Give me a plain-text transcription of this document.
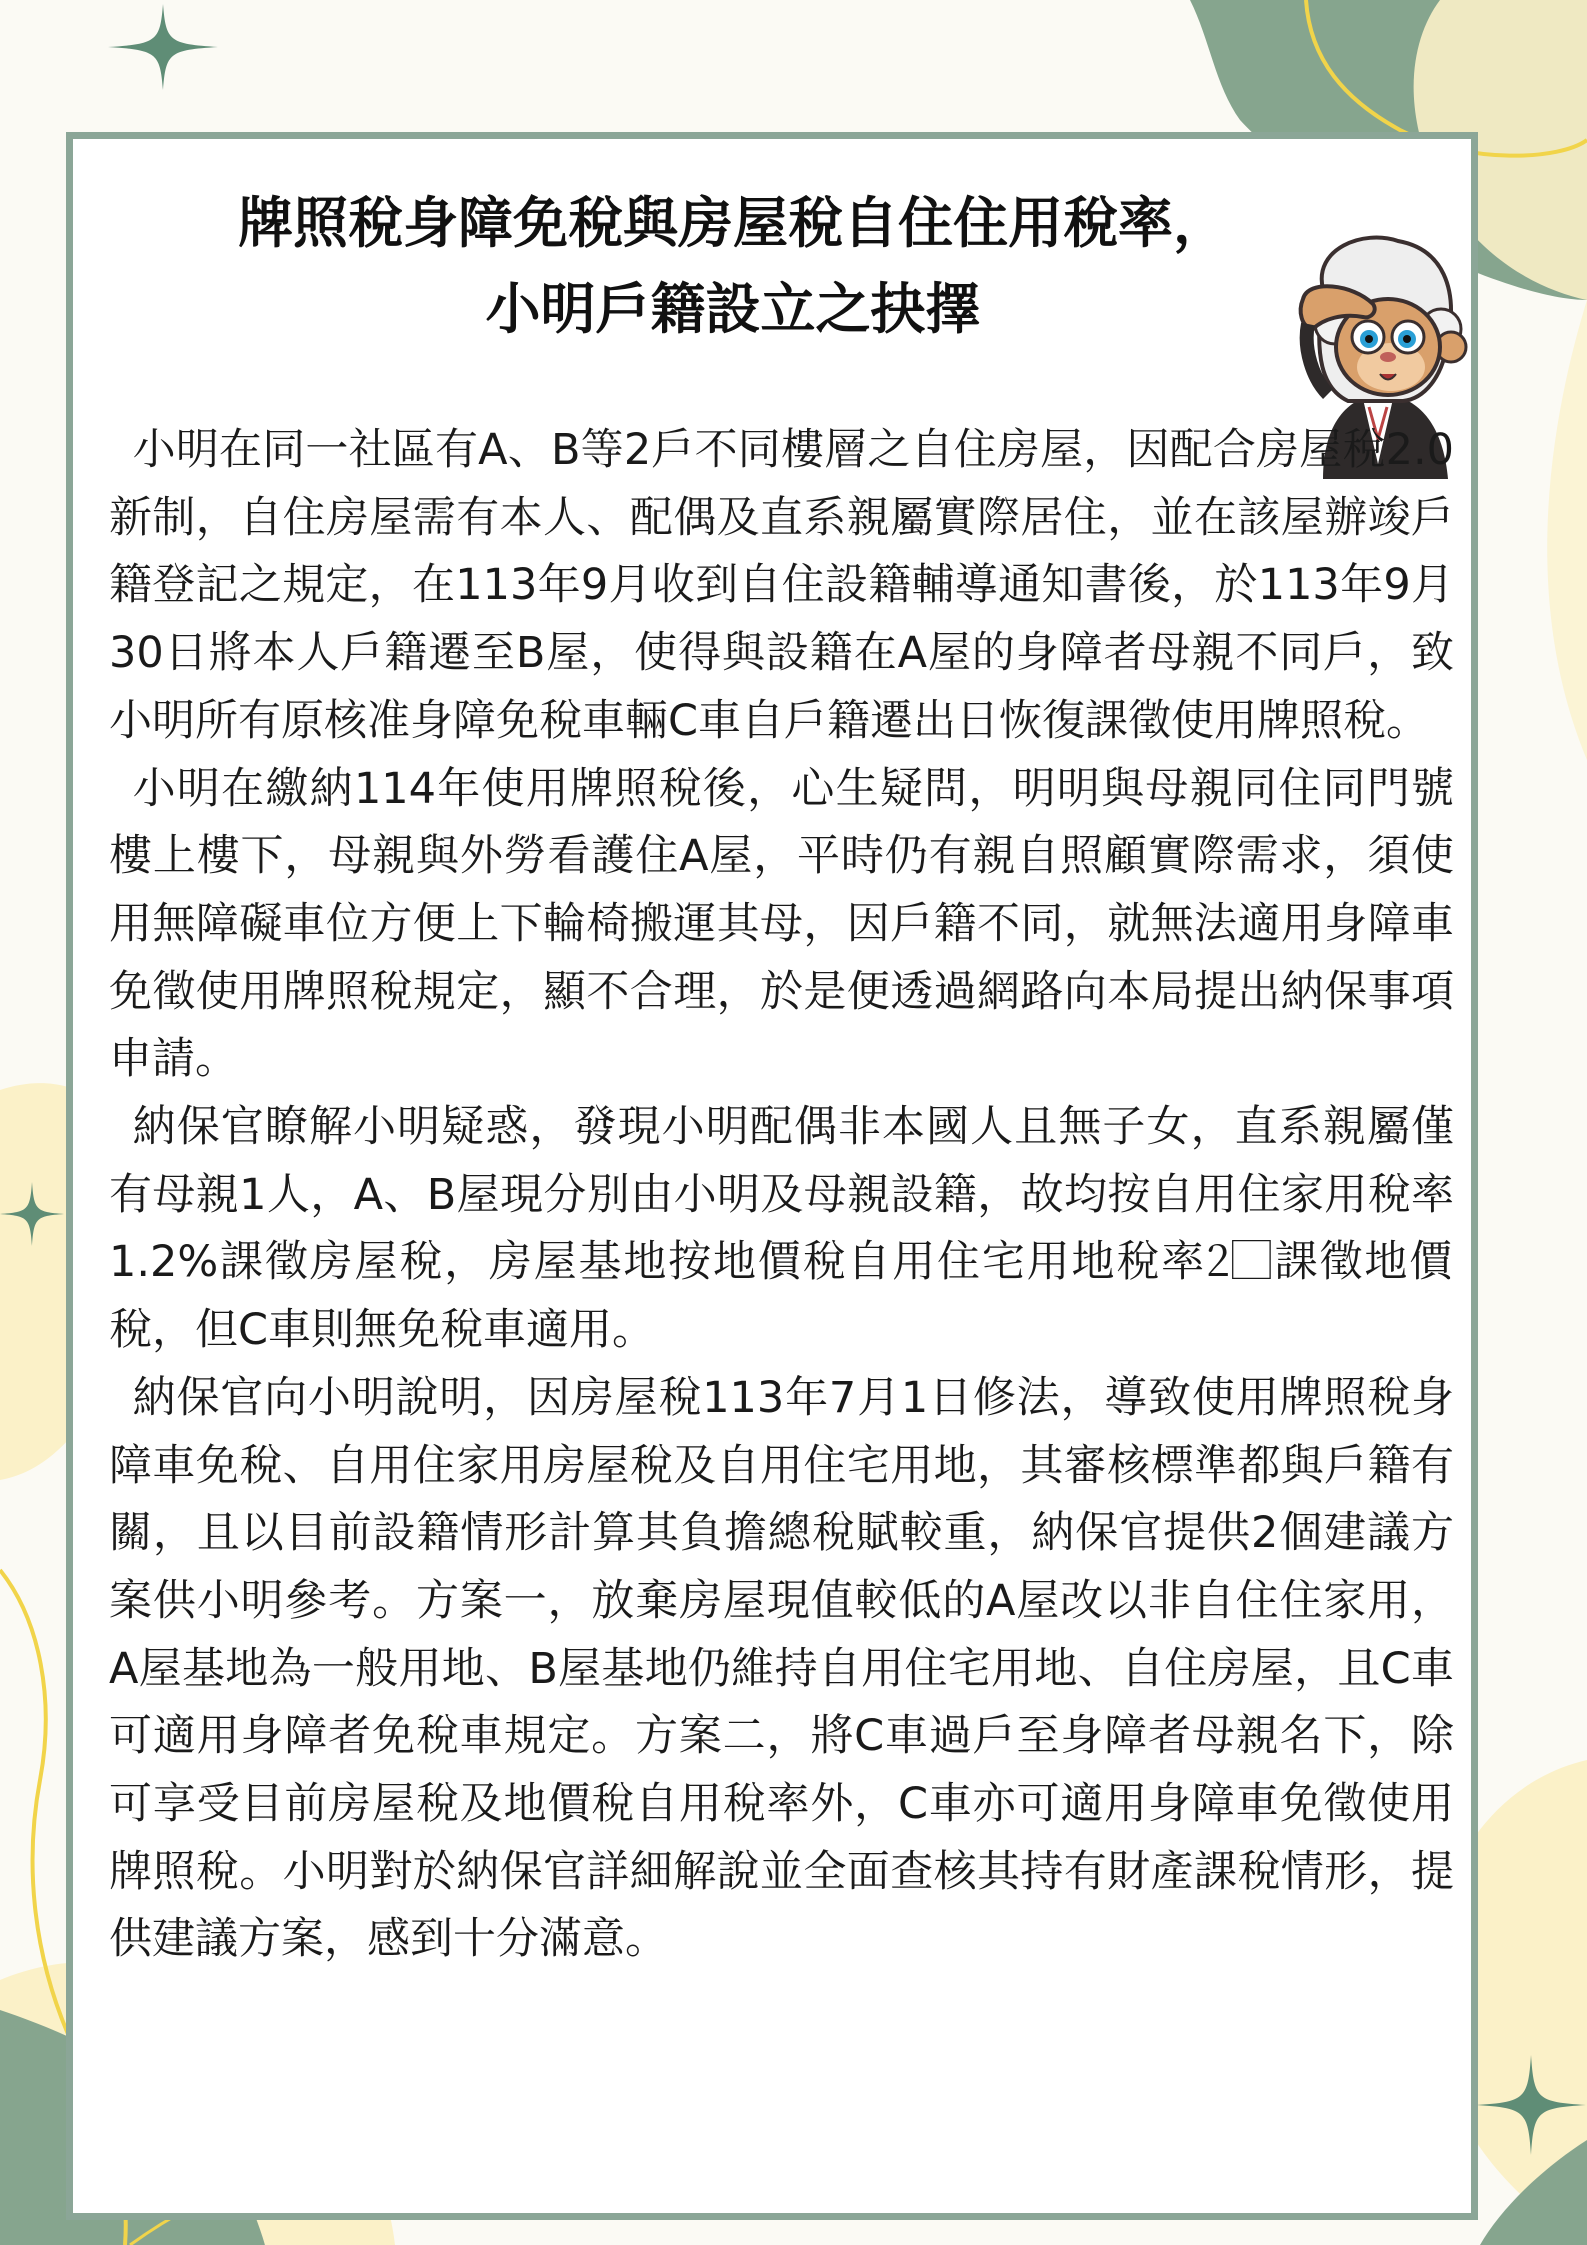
牌照稅身障免稅與房屋稅自住住用稅率，
小明戶籍設立之抉擇

小明在同一社區有A、B等2戶不同樓層之自住房屋，因配合房屋稅2.0新制，自住房屋需有本人、配偶及直系親屬實際居住，並在該屋辦竣戶籍登記之規定，在113年9月收到自住設籍輔導通知書後，於113年9月30日將本人戶籍遷至B屋，使得與設籍在A屋的身障者母親不同戶，致小明所有原核准身障免稅車輛C車自戶籍遷出日恢復課徵使用牌照稅。

小明在繳納114年使用牌照稅後，心生疑問，明明與母親同住同門號樓上樓下，母親與外勞看護住A屋，平時仍有親自照顧實際需求，須使用無障礙車位方便上下輪椅搬運其母，因戶籍不同，就無法適用身障車免徵使用牌照稅規定，顯不合理，於是便透過網路向本局提出納保事項申請。

納保官瞭解小明疑惑，發現小明配偶非本國人且無子女，直系親屬僅有母親1人，A、B屋現分別由小明及母親設籍，故均按自用住家用稅率1.2%課徵房屋稅，房屋基地按地價稅自用住宅用地稅率2⃞課徵地價稅，但C車則無免稅車適用。

納保官向小明說明，因房屋稅113年7月1日修法，導致使用牌照稅身障車免稅、自用住家用房屋稅及自用住宅用地，其審核標準都與戶籍有關，且以目前設籍情形計算其負擔總稅賦較重，納保官提供2個建議方案供小明參考。方案一，放棄房屋現值較低的A屋改以非自住住家用，A屋基地為一般用地、B屋基地仍維持自用住宅用地、自住房屋，且C車可適用身障者免稅車規定。方案二，將C車過戶至身障者母親名下，除可享受目前房屋稅及地價稅自用稅率外，C車亦可適用身障車免徵使用牌照稅。小明對於納保官詳細解說並全面查核其持有財產課稅情形，提供建議方案，感到十分滿意。
